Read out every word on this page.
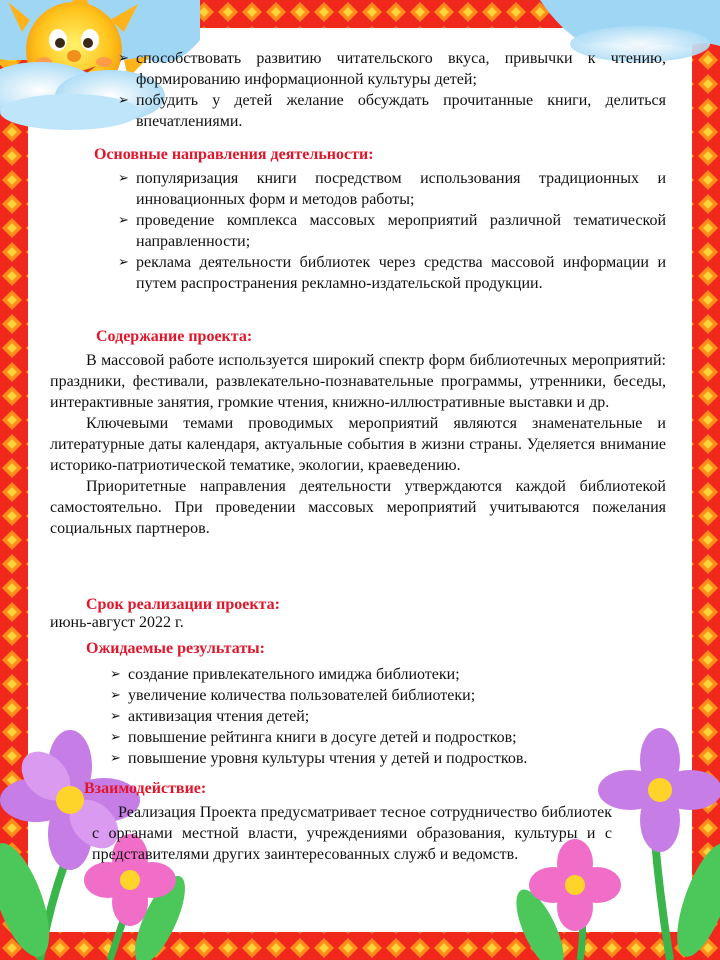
➢ способствовать развитию читательского вкуса, привычки к чтению, формированию информационной культуры детей;
➢ побудить у детей желание обсуждать прочитанные книги, делиться впечатлениями.
Основные направления деятельности:
➢ популяризация книги посредством использования традиционных и инновационных форм и методов работы;
➢ проведение комплекса массовых мероприятий различной тематической направленности;
➢ реклама деятельности библиотек через средства массовой информации и путем распространения рекламно-издательской продукции.
Содержание проекта:

В массовой работе используется широкий спектр форм библиотечных мероприятий: праздники, фестивали, развлекательно-познавательные программы, утренники, беседы, интерактивные занятия, громкие чтения, книжно-иллюстративные выставки и др.

Ключевыми темами проводимых мероприятий являются знаменательные и литературные даты календаря, актуальные события в жизни страны. Уделяется внимание историко-патриотической тематике, экологии, краеведению.

Приоритетные направления деятельности утверждаются каждой библиотекой самостоятельно. При проведении массовых мероприятий учитываются пожелания социальных партнеров.

Срок реализации проекта:

июнь-август 2022 г.

Ожидаемые результаты:
➢ создание привлекательного имиджа библиотеки;
➢ увеличение количества пользователей библиотеки;
➢ активизация чтения детей;
➢ повышение рейтинга книги в досуге детей и подростков;
➢ повышение уровня культуры чтения у детей и подростков.
Взаимодействие:

Реализация Проекта предусматривает тесное сотрудничество библиотек с органами местной власти, учреждениями образования, культуры и с представителями других заинтересованных служб и ведомств.
